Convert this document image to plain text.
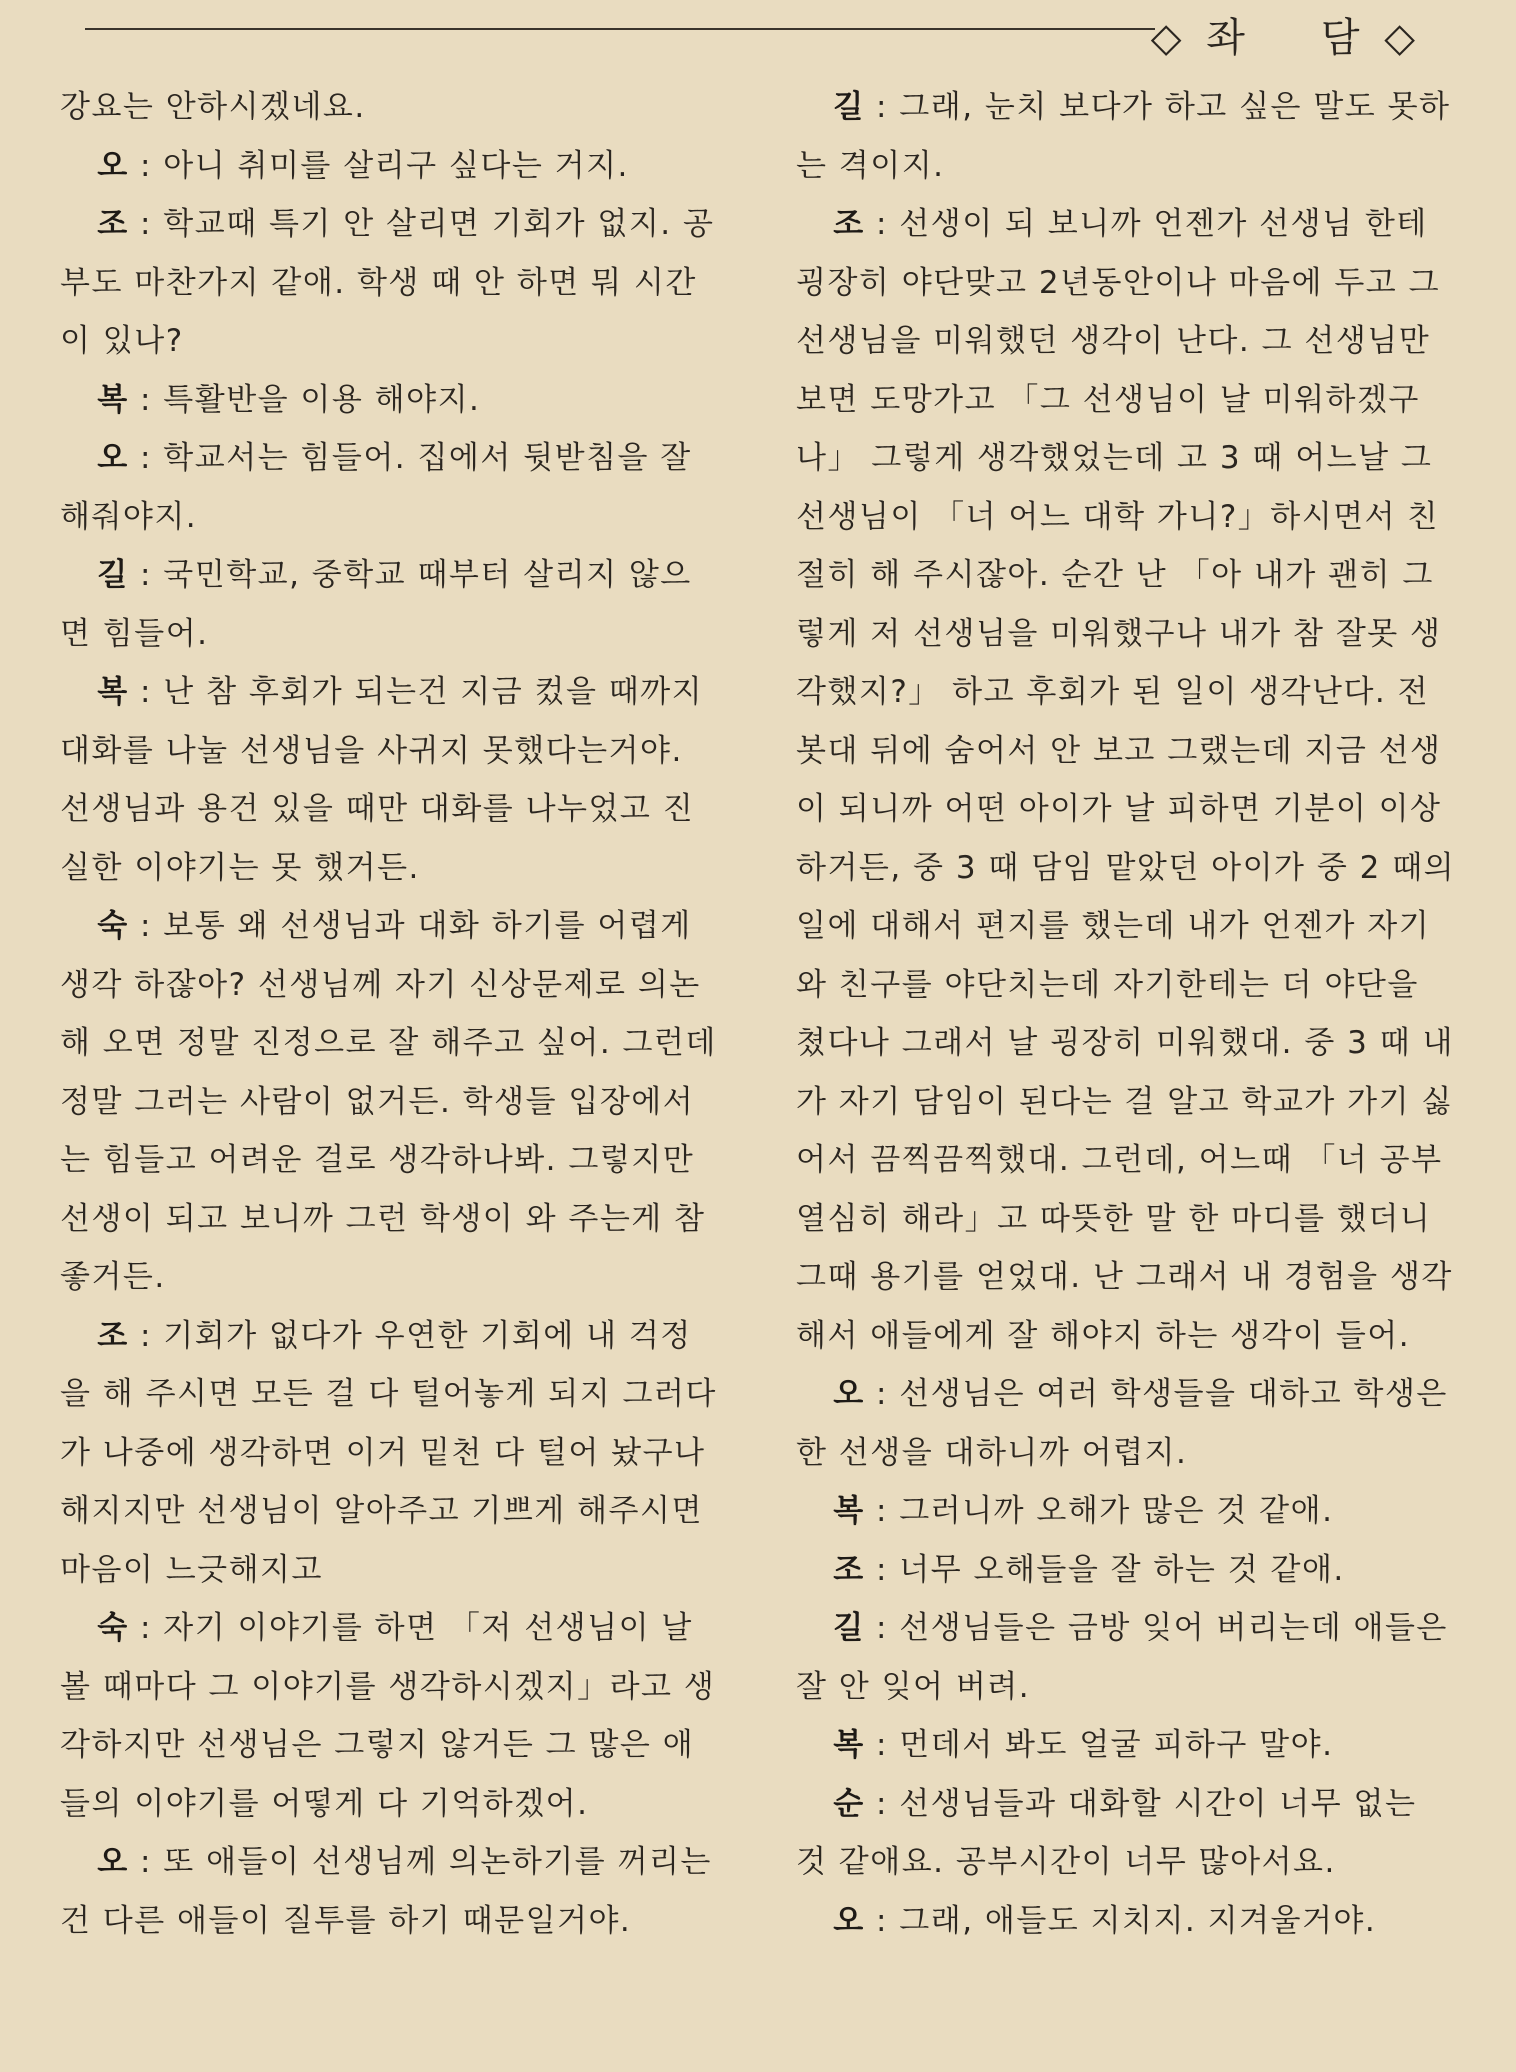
◇ 좌 담 ◇

강요는 안하시겠네요.

오 : 아니 취미를 살리구 싶다는 거지.

조 : 학교때 특기 안 살리면 기회가 없지. 공부도 마찬가지 같애. 학생 때 안 하면 뭐 시간이 있나?

복 : 특활반을 이용 해야지.

오 : 학교서는 힘들어. 집에서 뒷받침을 잘 해줘야지.

길 : 국민학교, 중학교 때부터 살리지 않으면 힘들어.

복 : 난 참 후회가 되는건 지금 컸을 때까지 대화를 나눌 선생님을 사귀지 못했다는거야. 선생님과 용건 있을 때만 대화를 나누었고 진실한 이야기는 못 했거든.

숙 : 보통 왜 선생님과 대화 하기를 어렵게 생각 하잖아? 선생님께 자기 신상문제로 의논해 오면 정말 진정으로 잘 해주고 싶어. 그런데 정말 그러는 사람이 없거든. 학생들 입장에서는 힘들고 어려운 걸로 생각하나봐. 그렇지만 선생이 되고 보니까 그런 학생이 와 주는게 참 좋거든.

조 : 기회가 없다가 우연한 기회에 내 걱정을 해 주시면 모든 걸 다 털어놓게 되지 그러다가 나중에 생각하면 이거 밑천 다 털어 놨구나 해지지만 선생님이 알아주고 기쁘게 해주시면 마음이 느긋해지고

숙 : 자기 이야기를 하면 「저 선생님이 날 볼 때마다 그 이야기를 생각하시겠지」라고 생각하지만 선생님은 그렇지 않거든 그 많은 애들의 이야기를 어떻게 다 기억하겠어.

오 : 또 애들이 선생님께 의논하기를 꺼리는건 다른 애들이 질투를 하기 때문일거야.

길 : 그래, 눈치 보다가 하고 싶은 말도 못하는 격이지.

조 : 선생이 되 보니까 언젠가 선생님 한테 굉장히 야단맞고 2년동안이나 마음에 두고 그 선생님을 미워했던 생각이 난다. 그 선생님만 보면 도망가고 「그 선생님이 날 미워하겠구나」 그렇게 생각했었는데 고 3 때 어느날 그 선생님이 「너 어느 대학 가니?」하시면서 친절히 해 주시잖아. 순간 난 「아 내가 괜히 그렇게 저 선생님을 미워했구나 내가 참 잘못 생각했지?」 하고 후회가 된 일이 생각난다. 전봇대 뒤에 숨어서 안 보고 그랬는데 지금 선생이 되니까 어떤 아이가 날 피하면 기분이 이상하거든, 중 3 때 담임 맡았던 아이가 중 2 때의 일에 대해서 편지를 했는데 내가 언젠가 자기와 친구를 야단치는데 자기한테는 더 야단을 쳤다나 그래서 날 굉장히 미워했대. 중 3 때 내가 자기 담임이 된다는 걸 알고 학교가 가기 싫어서 끔찍끔찍했대. 그런데, 어느때 「너 공부 열심히 해라」고 따뜻한 말 한 마디를 했더니 그때 용기를 얻었대. 난 그래서 내 경험을 생각해서 애들에게 잘 해야지 하는 생각이 들어.

오 : 선생님은 여러 학생들을 대하고 학생은 한 선생을 대하니까 어렵지.

복 : 그러니까 오해가 많은 것 같애.

조 : 너무 오해들을 잘 하는 것 같애.

길 : 선생님들은 금방 잊어 버리는데 애들은 잘 안 잊어 버려.

복 : 먼데서 봐도 얼굴 피하구 말야.

순 : 선생님들과 대화할 시간이 너무 없는 것 같애요. 공부시간이 너무 많아서요.

오 : 그래, 애들도 지치지. 지겨울거야.
